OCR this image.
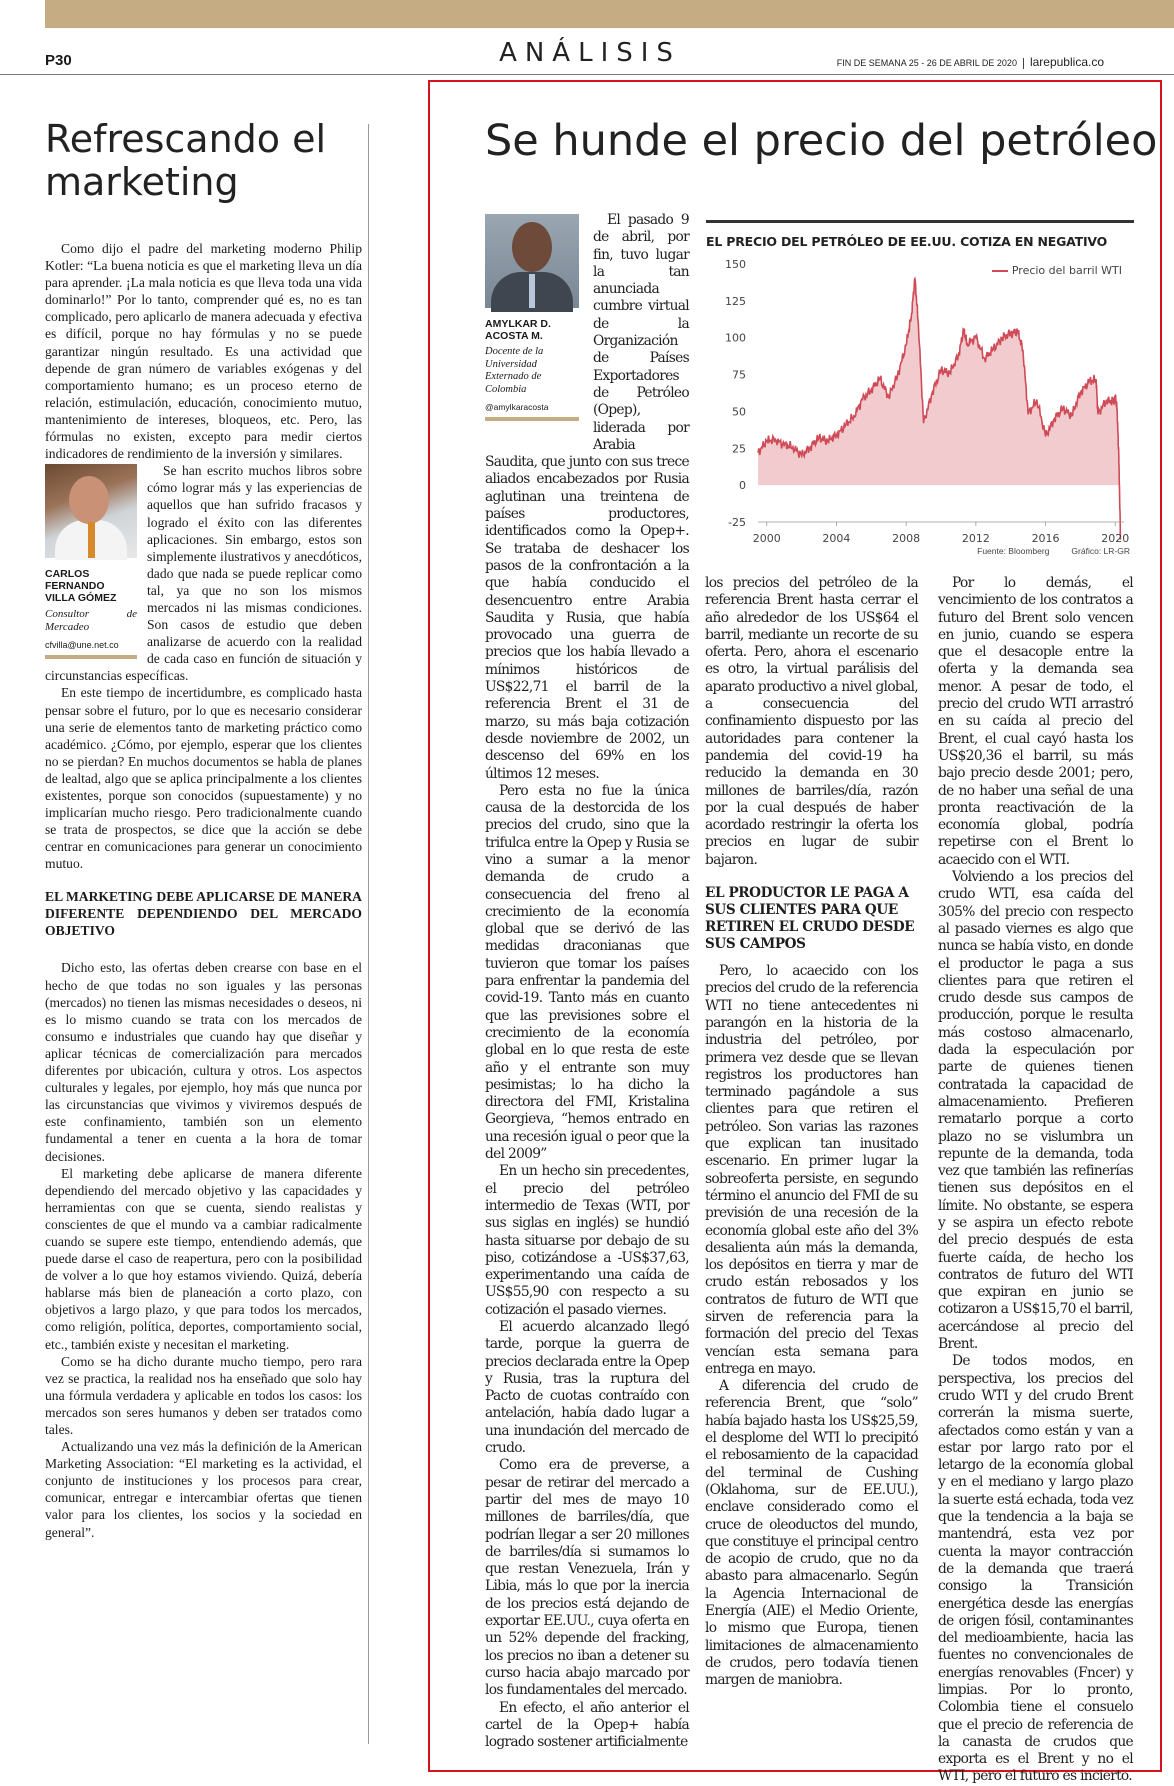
P30	ANÁLISIS	FIN DE SEMANA 25 - 26 DE ABRIL DE 2020 larepublica.co
Refrescando el marketing

Como dijo el padre del marketing moderno Philip Kotler: “La buena noticia es que el marketing lleva un día para aprender. ¡La mala noticia es que lleva toda una vida dominarlo!” Por lo tanto, comprender qué es, no es tan complicado, pero aplicarlo de manera adecuada y efectiva es difícil, porque no hay fórmulas y no se puede garantizar ningún resultado. Es una actividad que depende de gran número de variables exógenas y del comportamiento humano; es un proceso eterno de relación, estimulación, educación, conocimiento mutuo, mantenimiento de intereses, bloqueos, etc. Pero, las fórmulas no existen, excepto para medir ciertos indicadores de rendimiento de la inversión y similares.

CARLOS FERNANDO VILLA GÓMEZ
Consultor de Mercadeo
cfvilla@une.net.co

Se han escrito muchos libros sobre cómo lograr más y las experiencias de aquellos que han sufrido fracasos y logrado el éxito con las diferentes aplicaciones. Sin embargo, estos son simplemente ilustrativos y anecdóticos, dado que nada se puede replicar como tal, ya que no son los mismos mercados ni las mismas condiciones. Son casos de estudio que deben analizarse de acuerdo con la realidad de cada caso en función de situación y circunstancias específicas.

En este tiempo de incertidumbre, es complicado hasta pensar sobre el futuro, por lo que es necesario considerar una serie de elementos tanto de marketing práctico como académico. ¿Cómo, por ejemplo, esperar que los clientes no se pierdan? En muchos documentos se habla de planes de lealtad, algo que se aplica principalmente a los clientes existentes, porque son conocidos (supuestamente) y no implicarían mucho riesgo. Pero tradicionalmente cuando se trata de prospectos, se dice que la acción se debe centrar en comunicaciones para generar un conocimiento mutuo.

EL MARKETING DEBE APLICARSE DE MANERA DIFERENTE DEPENDIENDO DEL MERCADO OBJETIVO

Dicho esto, las ofertas deben crearse con base en el hecho de que todas no son iguales y las personas (mercados) no tienen las mismas necesidades o deseos, ni es lo mismo cuando se trata con los mercados de consumo e industriales que cuando hay que diseñar y aplicar técnicas de comercialización para mercados diferentes por ubicación, cultura y otros. Los aspectos culturales y legales, por ejemplo, hoy más que nunca por las circunstancias que vivimos y viviremos después de este confinamiento, también son un elemento fundamental a tener en cuenta a la hora de tomar decisiones.

El marketing debe aplicarse de manera diferente dependiendo del mercado objetivo y las capacidades y herramientas con que se cuenta, siendo realistas y conscientes de que el mundo va a cambiar radicalmente cuando se supere este tiempo, entendiendo además, que puede darse el caso de reapertura, pero con la posibilidad de volver a lo que hoy estamos viviendo. Quizá, debería hablarse más bien de planeación a corto plazo, con objetivos a largo plazo, y que para todos los mercados, como religión, política, deportes, comportamiento social, etc., también existe y necesitan el marketing.

Como se ha dicho durante mucho tiempo, pero rara vez se practica, la realidad nos ha enseñado que solo hay una fórmula verdadera y aplicable en todos los casos: los mercados son seres humanos y deben ser tratados como tales.

Actualizando una vez más la definición de la American Marketing Association: “El marketing es la actividad, el conjunto de instituciones y los procesos para crear, comunicar, entregar e intercambiar ofertas que tienen valor para los clientes, los socios y la sociedad en general”.

Se hunde el precio del petróleo
AMYLKAR D. ACOSTA M.
Docente de la Universidad Externado de Colombia
@amylkaracosta

El pasado 9 de abril, por fin, tuvo lugar la tan anunciada cumbre virtual de la Organización de Países Exportadores de Petróleo (Opep), liderada por Arabia Saudita, que junto con sus trece aliados encabezados por Rusia aglutinan una treintena de países productores, identificados como la Opep+. Se trataba de deshacer los pasos de la confrontación a la que había conducido el desencuentro entre Arabia Saudita y Rusia, que había provocado una guerra de precios que los había llevado a mínimos históricos de US$22,71 el barril de la referencia Brent el 31 de marzo, su más baja cotización desde noviembre de 2002, un descenso del 69% en los últimos 12 meses.

Pero esta no fue la única causa de la destorcida de los precios del crudo, sino que la trifulca entre la Opep y Rusia se vino a sumar a la menor demanda de crudo a consecuencia del freno al crecimiento de la economía global que se derivó de las medidas draconianas que tuvieron que tomar los países para enfrentar la pandemia del covid-19. Tanto más en cuanto que las previsiones sobre el crecimiento de la economía global en lo que resta de este año y el entrante son muy pesimistas; lo ha dicho la directora del FMI, Kristalina Georgieva, “hemos entrado en una recesión igual o peor que la del 2009”

En un hecho sin precedentes, el precio del petróleo intermedio de Texas (WTI, por sus siglas en inglés) se hundió hasta situarse por debajo de su piso, cotizándose a -US$37,63, experimentando una caída de US$55,90 con respecto a su cotización el pasado viernes.

El acuerdo alcanzado llegó tarde, porque la guerra de precios declarada entre la Opep y Rusia, tras la ruptura del Pacto de cuotas contraído con antelación, había dado lugar a una inundación del mercado de crudo.

Como era de preverse, a pesar de retirar del mercado a partir del mes de mayo 10 millones de barriles/día, que podrían llegar a ser 20 millones de barriles/día si sumamos lo que restan Venezuela, Irán y Libia, más lo que por la inercia de los precios está dejando de exportar EE.UU., cuya oferta en un 52% depende del fracking, los precios no iban a detener su curso hacia abajo marcado por los fundamentales del mercado.

En efecto, el año anterior el cartel de la Opep+ había logrado sostener artificialmente

los precios del petróleo de la referencia Brent hasta cerrar el año alrededor de los US$64 el barril, mediante un recorte de su oferta. Pero, ahora el escenario es otro, la virtual parálisis del aparato productivo a nivel global, a consecuencia del confinamiento dispuesto por las autoridades para contener la pandemia del covid-19 ha reducido la demanda en 30 millones de barriles/día, razón por la cual después de haber acordado restringir la oferta los precios en lugar de subir bajaron.

EL PRODUCTOR LE PAGA A SUS CLIENTES PARA QUE RETIREN EL CRUDO DESDE SUS CAMPOS

Pero, lo acaecido con los precios del crudo de la referencia WTI no tiene antecedentes ni parangón en la historia de la industria del petróleo, por primera vez desde que se llevan registros los productores han terminado pagándole a sus clientes para que retiren el petróleo. Son varias las razones que explican tan inusitado escenario. En primer lugar la sobreoferta persiste, en segundo término el anuncio del FMI de su previsión de una recesión de la economía global este año del 3% desalienta aún más la demanda, los depósitos en tierra y mar de crudo están rebosados y los contratos de futuro de WTI que sirven de referencia para la formación del precio del Texas vencían esta semana para entrega en mayo.

A diferencia del crudo de referencia Brent, que “solo” había bajado hasta los US$25,59, el desplome del WTI lo precipitó el rebosamiento de la capacidad del terminal de Cushing (Oklahoma, sur de EE.UU.), enclave considerado como el cruce de oleoductos del mundo, que constituye el principal centro de acopio de crudo, que no da abasto para almacenarlo. Según la Agencia Internacional de Energía (AIE) el Medio Oriente, lo mismo que Europa, tienen limitaciones de almacenamiento de crudos, pero todavía tienen margen de maniobra.

Por lo demás, el vencimiento de los contratos a futuro del Brent solo vencen en junio, cuando se espera que el desacople entre la oferta y la demanda sea menor. A pesar de todo, el precio del crudo WTI arrastró en su caída al precio del Brent, el cual cayó hasta los US$20,36 el barril, su más bajo precio desde 2001; pero, de no haber una señal de una pronta reactivación de la economía global, podría repetirse con el Brent lo acaecido con el WTI.

Volviendo a los precios del crudo WTI, esa caída del 305% del precio con respecto al pasado viernes es algo que nunca se había visto, en donde el productor le paga a sus clientes para que retiren el crudo desde sus campos de producción, porque le resulta más costoso almacenarlo, dada la especulación por parte de quienes tienen contratada la capacidad de almacenamiento. Prefieren rematarlo porque a corto plazo no se vislumbra un repunte de la demanda, toda vez que también las refinerías tienen sus depósitos en el límite. No obstante, se espera y se aspira un efecto rebote del precio después de esta fuerte caída, de hecho los contratos de futuro del WTI que expiran en junio se cotizaron a US$15,70 el barril, acercándose al precio del Brent.

De todos modos, en perspectiva, los precios del crudo WTI y del crudo Brent correrán la misma suerte, afectados como están y van a estar por largo rato por el letargo de la economía global y en el mediano y largo plazo la suerte está echada, toda vez que la tendencia a la baja se mantendrá, esta vez por cuenta la mayor contracción de la demanda que traerá consigo la Transición energética desde las energías de origen fósil, contaminantes del medioambiente, hacia las fuentes no convencionales de energías renovables (Fncer) y limpias. Por lo pronto, Colombia tiene el consuelo que el precio de referencia de la canasta de crudos que exporta es el Brent y no el WTI, pero el futuro es incierto.

EL PRECIO DEL PETRÓLEO DE EE.UU. COTIZA EN NEGATIVO
150
125
100
75
50
25
0
-25
2000	2004	2008	2012	2016	2020
Precio del barril WTI
Fuente: Bloomberg	Gráfico: LR-GR
